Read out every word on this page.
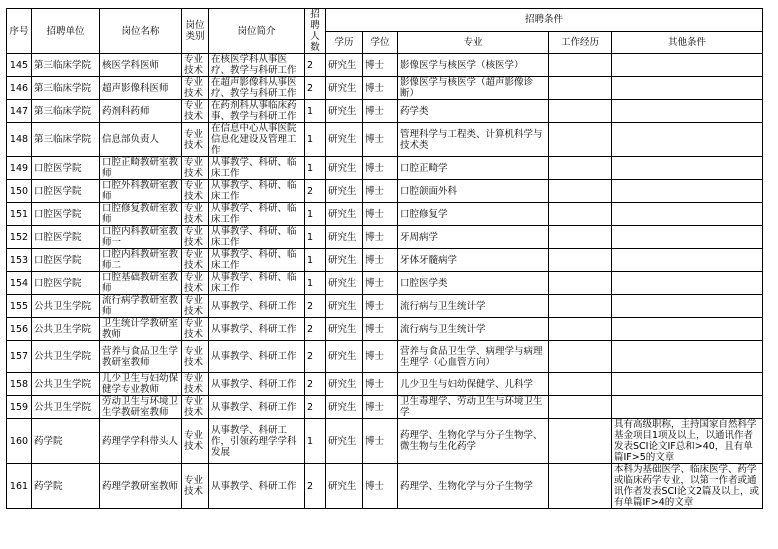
序号	招聘单位	岗位名称	岗位类别	岗位简介	招聘人数	招聘条件				
						学历	学位	专业	工作经历	其他条件
145	第三临床学院	核医学科医师	专业技术	在核医学科从事医疗、教学与科研工作	2	研究生	博士	影像医学与核医学（核医学）		
146	第三临床学院	超声影像科医师	专业技术	在超声影像科从事医疗、教学与科研工作	2	研究生	博士	影像医学与核医学（超声影像诊断）		
147	第三临床学院	药剂科药师	专业技术	在药剂科从事临床药事、教学与科研工作	1	研究生	博士	药学类		
148	第三临床学院	信息部负责人	专业技术	在信息中心从事医院信息化建设及管理工作	1	研究生	博士	管理科学与工程类、计算机科学与技术类		
149	口腔医学院	口腔正畸教研室教师	专业技术	从事教学、科研、临床工作	1	研究生	博士	口腔正畸学		
150	口腔医学院	口腔外科教研室教师	专业技术	从事教学、科研、临床工作	2	研究生	博士	口腔颌面外科		
151	口腔医学院	口腔修复教研室教师	专业技术	从事教学、科研、临床工作	1	研究生	博士	口腔修复学		
152	口腔医学院	口腔内科教研室教师一	专业技术	从事教学、科研、临床工作	1	研究生	博士	牙周病学		
153	口腔医学院	口腔内科教研室教师二	专业技术	从事教学、科研、临床工作	1	研究生	博士	牙体牙髓病学		
154	口腔医学院	口腔基础教研室教师	专业技术	从事教学、科研、临床工作	1	研究生	博士	口腔医学类		
155	公共卫生学院	流行病学教研室教师	专业技术	从事教学、科研工作	2	研究生	博士	流行病与卫生统计学		
156	公共卫生学院	卫生统计学教研室教师	专业技术	从事教学、科研工作	2	研究生	博士	流行病与卫生统计学		
157	公共卫生学院	营养与食品卫生学教研室教师	专业技术	从事教学、科研工作	2	研究生	博士	营养与食品卫生学、病理学与病理生理学（心血管方向）		
158	公共卫生学院	儿少卫生与妇幼保健学专业教师	专业技术	从事教学、科研工作	2	研究生	博士	儿少卫生与妇幼保健学、儿科学		
159	公共卫生学院	劳动卫生与环境卫生学教研室教师	专业技术	从事教学、科研工作	2	研究生	博士	卫生毒理学、劳动卫生与环境卫生学		
160	药学院	药理学学科带头人	专业技术	从事教学、科研工作，引领药理学学科发展	1	研究生	博士	药理学、生物化学与分子生物学、微生物与生化药学		具有高级职称，主持国家自然科学基金项目1项及以上，以通讯作者发表SCI论文IF总和>40，且有单篇IF>5的文章
161	药学院	药理学教研室教师	专业技术	从事教学、科研工作	2	研究生	博士	药理学、生物化学与分子生物学		本科为基础医学、临床医学、药学或临床药学专业，以第一作者或通讯作者发表SCI论文2篇及以上，或有单篇IF>4的文章
